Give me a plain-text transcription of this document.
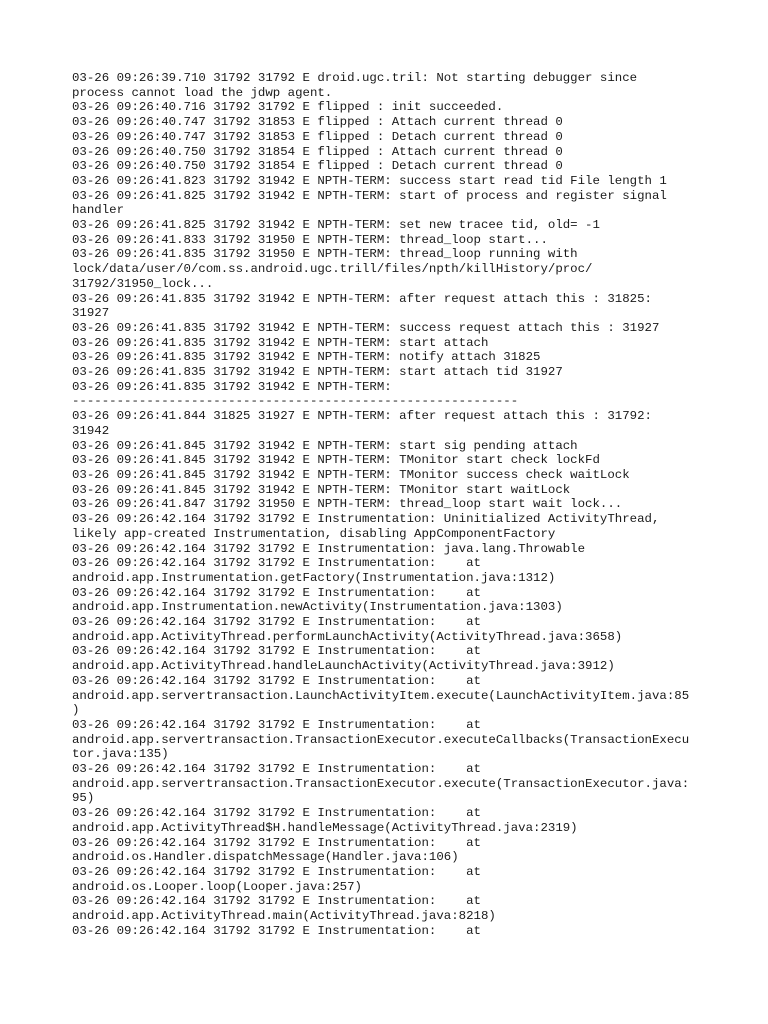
03-26 09:26:39.710 31792 31792 E droid.ugc.tril: Not starting debugger since
process cannot load the jdwp agent.
03-26 09:26:40.716 31792 31792 E flipped : init succeeded.
03-26 09:26:40.747 31792 31853 E flipped : Attach current thread 0
03-26 09:26:40.747 31792 31853 E flipped : Detach current thread 0
03-26 09:26:40.750 31792 31854 E flipped : Attach current thread 0
03-26 09:26:40.750 31792 31854 E flipped : Detach current thread 0
03-26 09:26:41.823 31792 31942 E NPTH-TERM: success start read tid File length 1
03-26 09:26:41.825 31792 31942 E NPTH-TERM: start of process and register signal
handler
03-26 09:26:41.825 31792 31942 E NPTH-TERM: set new tracee tid, old= -1
03-26 09:26:41.833 31792 31950 E NPTH-TERM: thread_loop start...
03-26 09:26:41.835 31792 31950 E NPTH-TERM: thread_loop running with
lock/data/user/0/com.ss.android.ugc.trill/files/npth/killHistory/proc/
31792/31950_lock...
03-26 09:26:41.835 31792 31942 E NPTH-TERM: after request attach this : 31825:
31927
03-26 09:26:41.835 31792 31942 E NPTH-TERM: success request attach this : 31927
03-26 09:26:41.835 31792 31942 E NPTH-TERM: start attach
03-26 09:26:41.835 31792 31942 E NPTH-TERM: notify attach 31825
03-26 09:26:41.835 31792 31942 E NPTH-TERM: start attach tid 31927
03-26 09:26:41.835 31792 31942 E NPTH-TERM:
------------------------------------------------------------
03-26 09:26:41.844 31825 31927 E NPTH-TERM: after request attach this : 31792:
31942
03-26 09:26:41.845 31792 31942 E NPTH-TERM: start sig pending attach
03-26 09:26:41.845 31792 31942 E NPTH-TERM: TMonitor start check lockFd
03-26 09:26:41.845 31792 31942 E NPTH-TERM: TMonitor success check waitLock
03-26 09:26:41.845 31792 31942 E NPTH-TERM: TMonitor start waitLock
03-26 09:26:41.847 31792 31950 E NPTH-TERM: thread_loop start wait lock...
03-26 09:26:42.164 31792 31792 E Instrumentation: Uninitialized ActivityThread,
likely app-created Instrumentation, disabling AppComponentFactory
03-26 09:26:42.164 31792 31792 E Instrumentation: java.lang.Throwable
03-26 09:26:42.164 31792 31792 E Instrumentation:    at
android.app.Instrumentation.getFactory(Instrumentation.java:1312)
03-26 09:26:42.164 31792 31792 E Instrumentation:    at
android.app.Instrumentation.newActivity(Instrumentation.java:1303)
03-26 09:26:42.164 31792 31792 E Instrumentation:    at
android.app.ActivityThread.performLaunchActivity(ActivityThread.java:3658)
03-26 09:26:42.164 31792 31792 E Instrumentation:    at
android.app.ActivityThread.handleLaunchActivity(ActivityThread.java:3912)
03-26 09:26:42.164 31792 31792 E Instrumentation:    at
android.app.servertransaction.LaunchActivityItem.execute(LaunchActivityItem.java:85
)
03-26 09:26:42.164 31792 31792 E Instrumentation:    at
android.app.servertransaction.TransactionExecutor.executeCallbacks(TransactionExecu
tor.java:135)
03-26 09:26:42.164 31792 31792 E Instrumentation:    at
android.app.servertransaction.TransactionExecutor.execute(TransactionExecutor.java:
95)
03-26 09:26:42.164 31792 31792 E Instrumentation:    at
android.app.ActivityThread$H.handleMessage(ActivityThread.java:2319)
03-26 09:26:42.164 31792 31792 E Instrumentation:    at
android.os.Handler.dispatchMessage(Handler.java:106)
03-26 09:26:42.164 31792 31792 E Instrumentation:    at
android.os.Looper.loop(Looper.java:257)
03-26 09:26:42.164 31792 31792 E Instrumentation:    at
android.app.ActivityThread.main(ActivityThread.java:8218)
03-26 09:26:42.164 31792 31792 E Instrumentation:    at
